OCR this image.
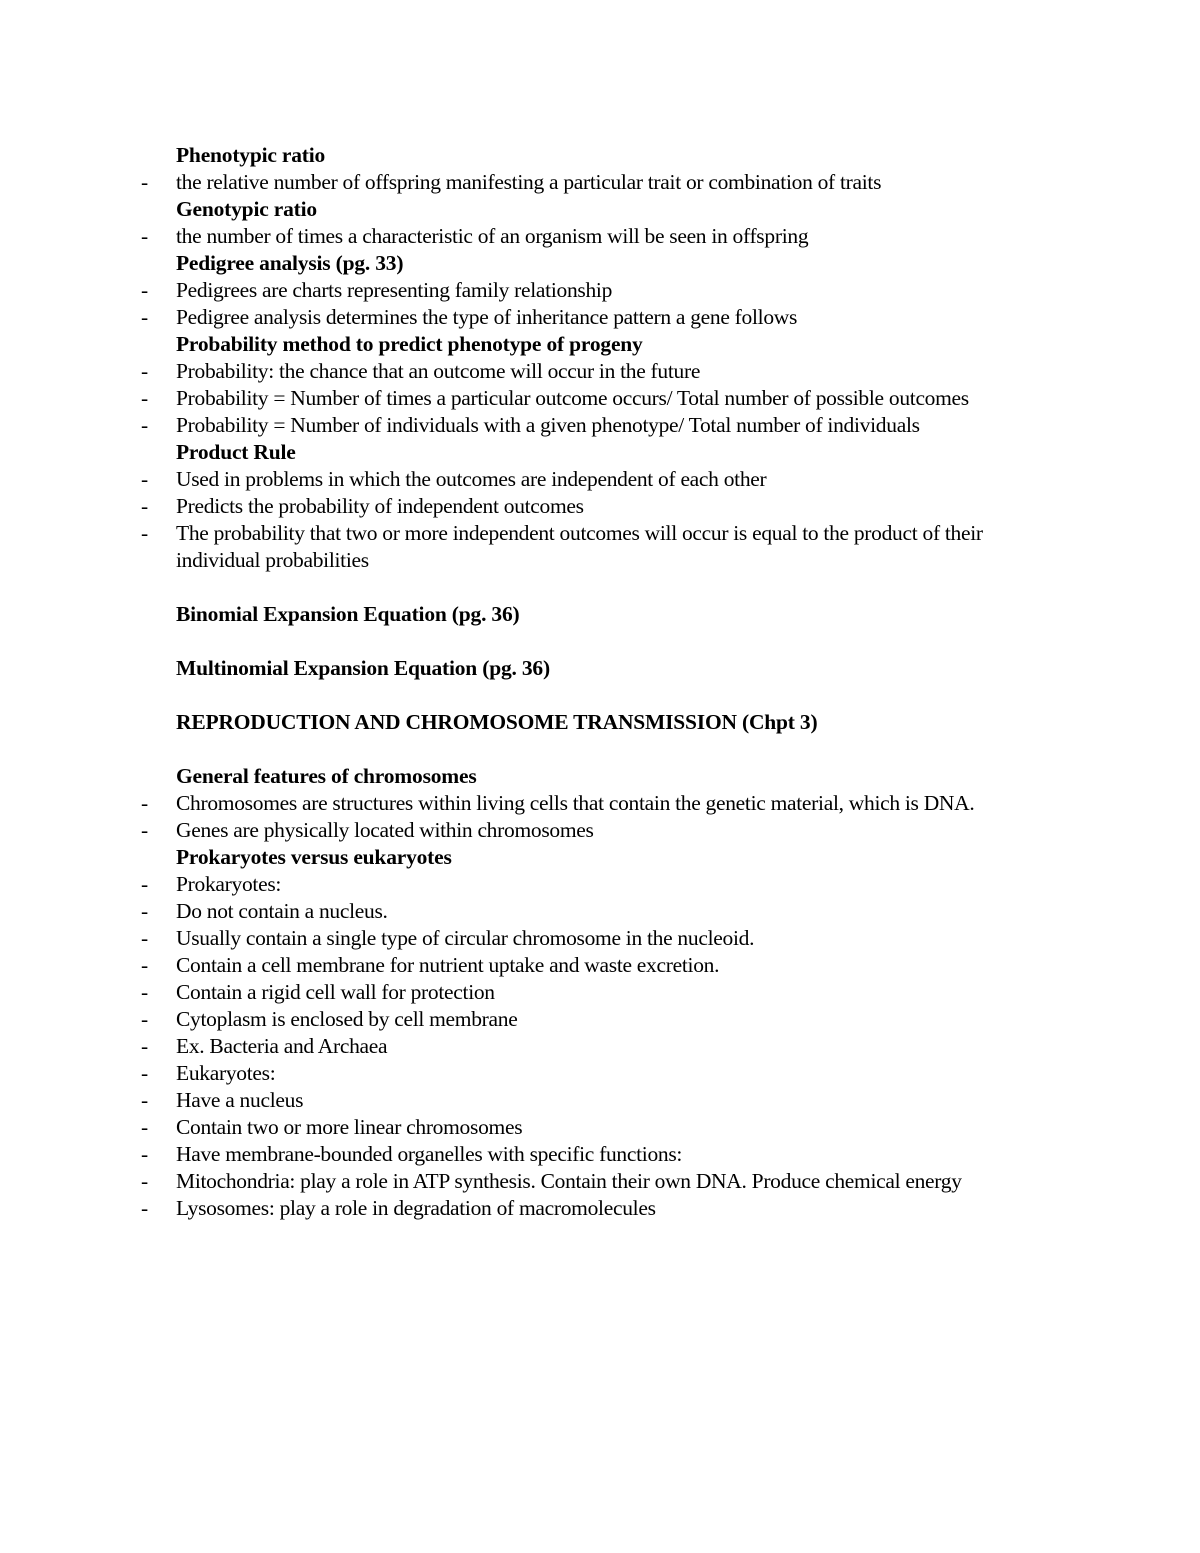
Phenotypic ratio
- the relative number of offspring manifesting a particular trait or combination of traits
Genotypic ratio
- the number of times a characteristic of an organism will be seen in offspring
Pedigree analysis (pg. 33)
- Pedigrees are charts representing family relationship
- Pedigree analysis determines the type of inheritance pattern a gene follows
Probability method to predict phenotype of progeny
- Probability: the chance that an outcome will occur in the future
- Probability = Number of times a particular outcome occurs/ Total number of possible outcomes
- Probability = Number of individuals with a given phenotype/ Total number of individuals
Product Rule
- Used in problems in which the outcomes are independent of each other
- Predicts the probability of independent outcomes
- The probability that two or more independent outcomes will occur is equal to the product of their individual probabilities
Binomial Expansion Equation (pg. 36)
Multinomial Expansion Equation (pg. 36)
REPRODUCTION AND CHROMOSOME TRANSMISSION (Chpt 3)
General features of chromosomes
- Chromosomes are structures within living cells that contain the genetic material, which is DNA.
- Genes are physically located within chromosomes
Prokaryotes versus eukaryotes
- Prokaryotes:
- Do not contain a nucleus.
- Usually contain a single type of circular chromosome in the nucleoid.
- Contain a cell membrane for nutrient uptake and waste excretion.
- Contain a rigid cell wall for protection
- Cytoplasm is enclosed by cell membrane
- Ex. Bacteria and Archaea
- Eukaryotes:
- Have a nucleus
- Contain two or more linear chromosomes
- Have membrane-bounded organelles with specific functions:
- Mitochondria: play a role in ATP synthesis. Contain their own DNA. Produce chemical energy
- Lysosomes: play a role in degradation of macromolecules
